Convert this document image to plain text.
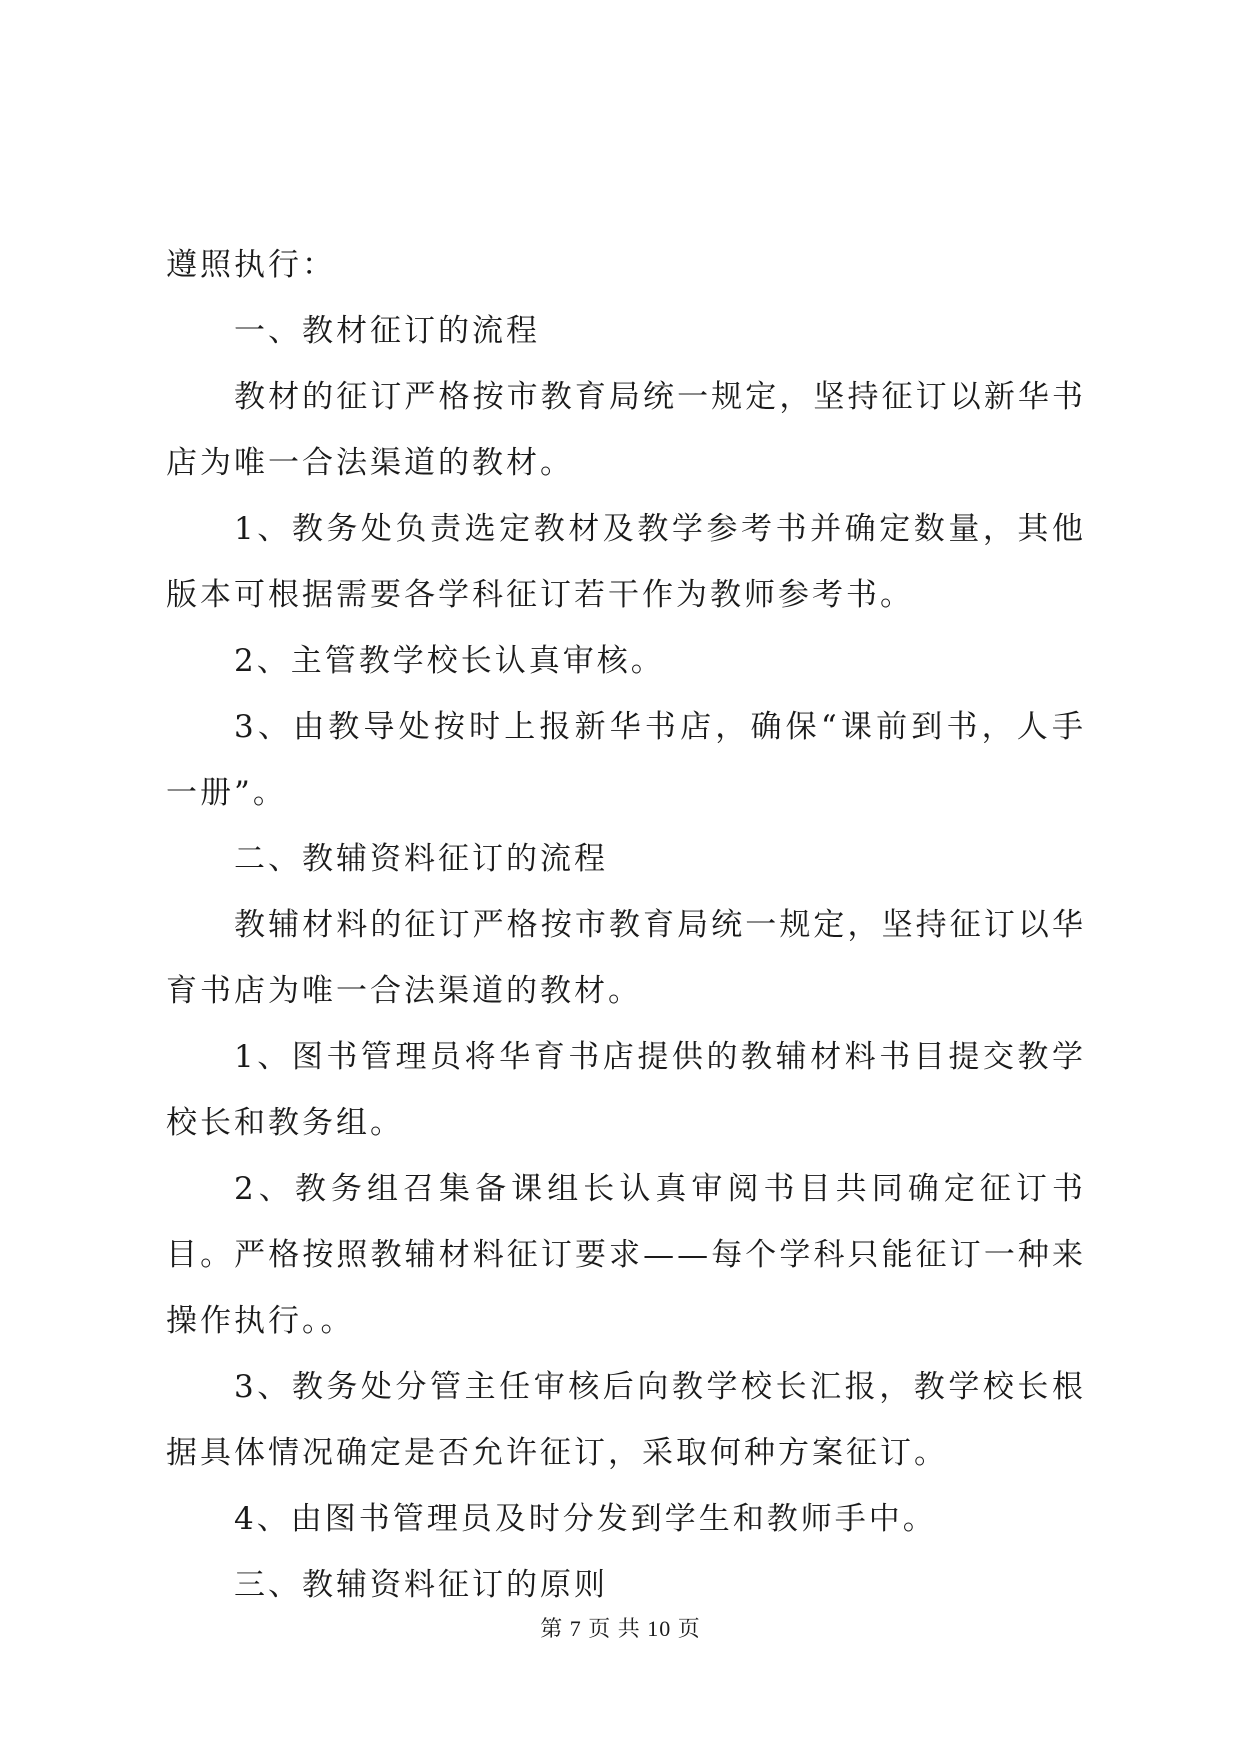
遵照执行：

一、教材征订的流程

教材的征订严格按市教育局统一规定，坚持征订以新华书店为唯一合法渠道的教材。

1、教务处负责选定教材及教学参考书并确定数量，其他版本可根据需要各学科征订若干作为教师参考书。

2、主管教学校长认真审核。

3、由教导处按时上报新华书店，确保“课前到书，人手一册”。

二、教辅资料征订的流程

教辅材料的征订严格按市教育局统一规定，坚持征订以华育书店为唯一合法渠道的教材。

1、图书管理员将华育书店提供的教辅材料书目提交教学校长和教务组。

2、教务组召集备课组长认真审阅书目共同确定征订书目。严格按照教辅材料征订要求——每个学科只能征订一种来操作执行。。

3、教务处分管主任审核后向教学校长汇报，教学校长根据具体情况确定是否允许征订，采取何种方案征订。

4、由图书管理员及时分发到学生和教师手中。

三、教辅资料征订的原则

第 7 页 共 10 页
